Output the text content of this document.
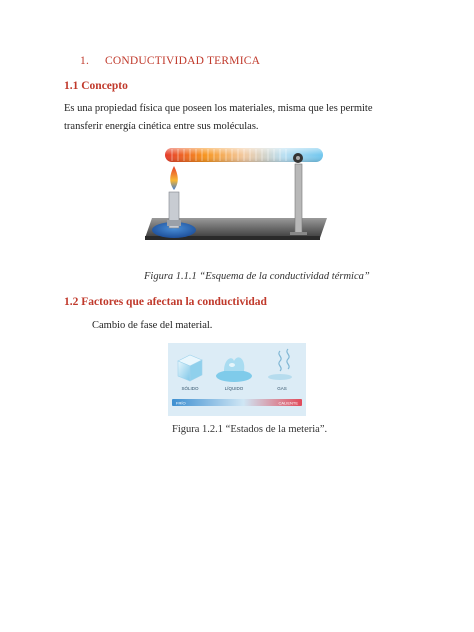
1. CONDUCTIVIDAD TERMICA
1.1 Concepto
Es una propiedad física que poseen los materiales, misma que les permite transferir energía cinética entre sus moléculas.
Figura 1.1.1 “Esquema de la conductividad térmica”
1.2 Factores que afectan la conductividad
Cambio de fase del material.
SÓLIDO	LÍQUIDO	GAS
FRÍO	CALIENTE
Figura 1.2.1 “Estados de la meteria”.
